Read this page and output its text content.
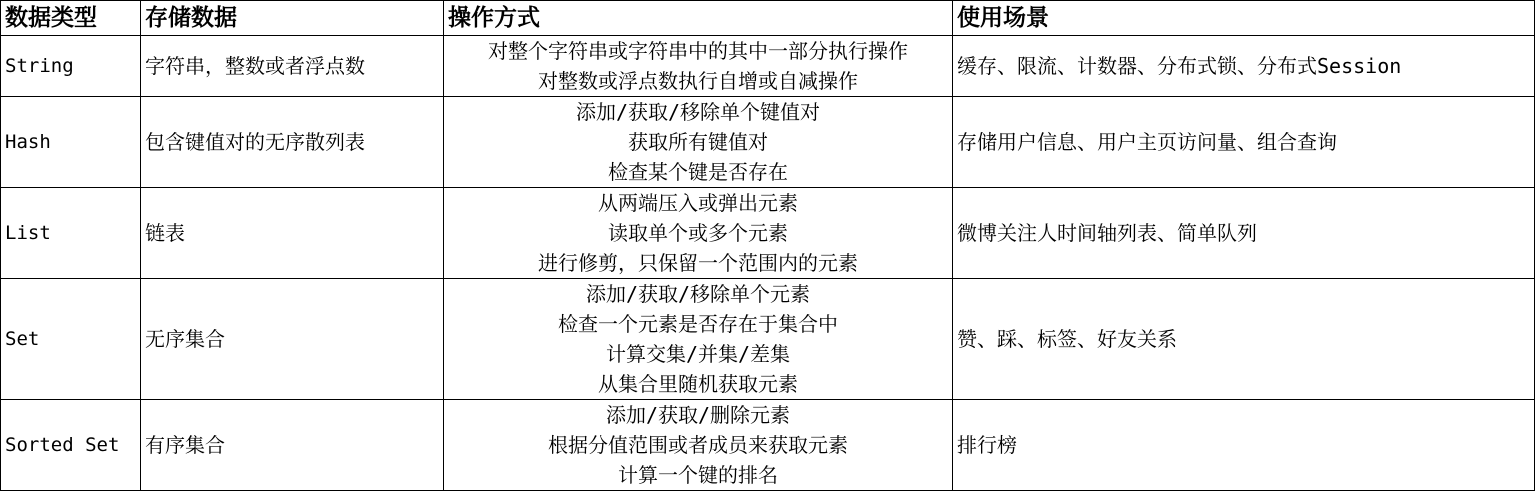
数据类型	存储数据	操作方式	使用场景
String	字符串，整数或者浮点数	对整个字符串或字符串中的其中一部分执行操作
对整数或浮点数执行自增或自减操作	缓存、限流、计数器、分布式锁、分布式Session
Hash	包含键值对的无序散列表	添加/获取/移除单个键值对
获取所有键值对
检查某个键是否存在	存储用户信息、用户主页访问量、组合查询
List	链表	从两端压入或弹出元素
读取单个或多个元素
进行修剪，只保留一个范围内的元素	微博关注人时间轴列表、简单队列
Set	无序集合	添加/获取/移除单个元素
检查一个元素是否存在于集合中
计算交集/并集/差集
从集合里随机获取元素	赞、踩、标签、好友关系
Sorted Set	有序集合	添加/获取/删除元素
根据分值范围或者成员来获取元素
计算一个键的排名	排行榜
